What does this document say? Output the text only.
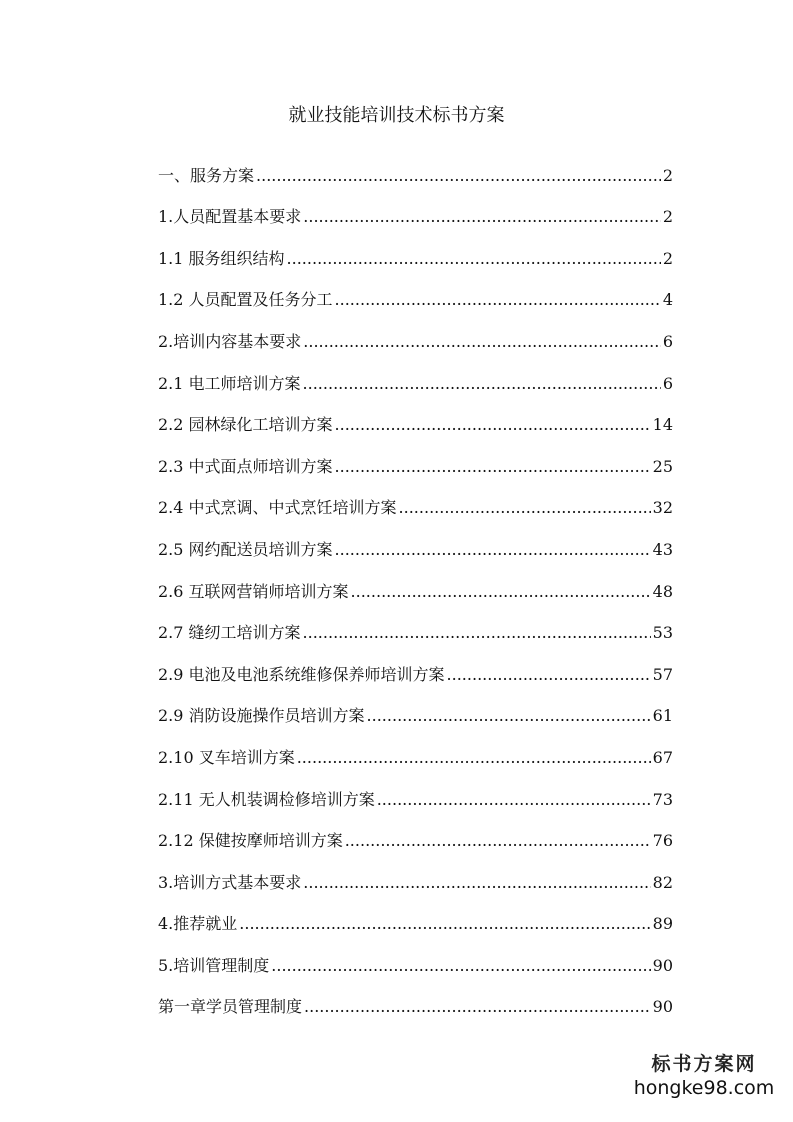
就业技能培训技术标书方案
一、服务方案 .....	2
1.人员配置基本要求 .....	2
1.1 服务组织结构 .....	2
1.2 人员配置及任务分工 .....	4
2.培训内容基本要求 .....	6
2.1 电工师培训方案 .....	6
2.2 园林绿化工培训方案 .....	14
2.3 中式面点师培训方案 .....	25
2.4 中式烹调、中式烹饪培训方案 .....	32
2.5 网约配送员培训方案 .....	43
2.6 互联网营销师培训方案 .....	48
2.7 缝纫工培训方案 .....	53
2.9 电池及电池系统维修保养师培训方案 .....	57
2.9 消防设施操作员培训方案 .....	61
2.10 叉车培训方案 .....	67
2.11 无人机装调检修培训方案 .....	73
2.12 保健按摩师培训方案 .....	76
3.培训方式基本要求 .....	82
4.推荐就业 .....	89
5.培训管理制度 .....	90
第一章学员管理制度 .....	90
标书方案网
hongke98.com
